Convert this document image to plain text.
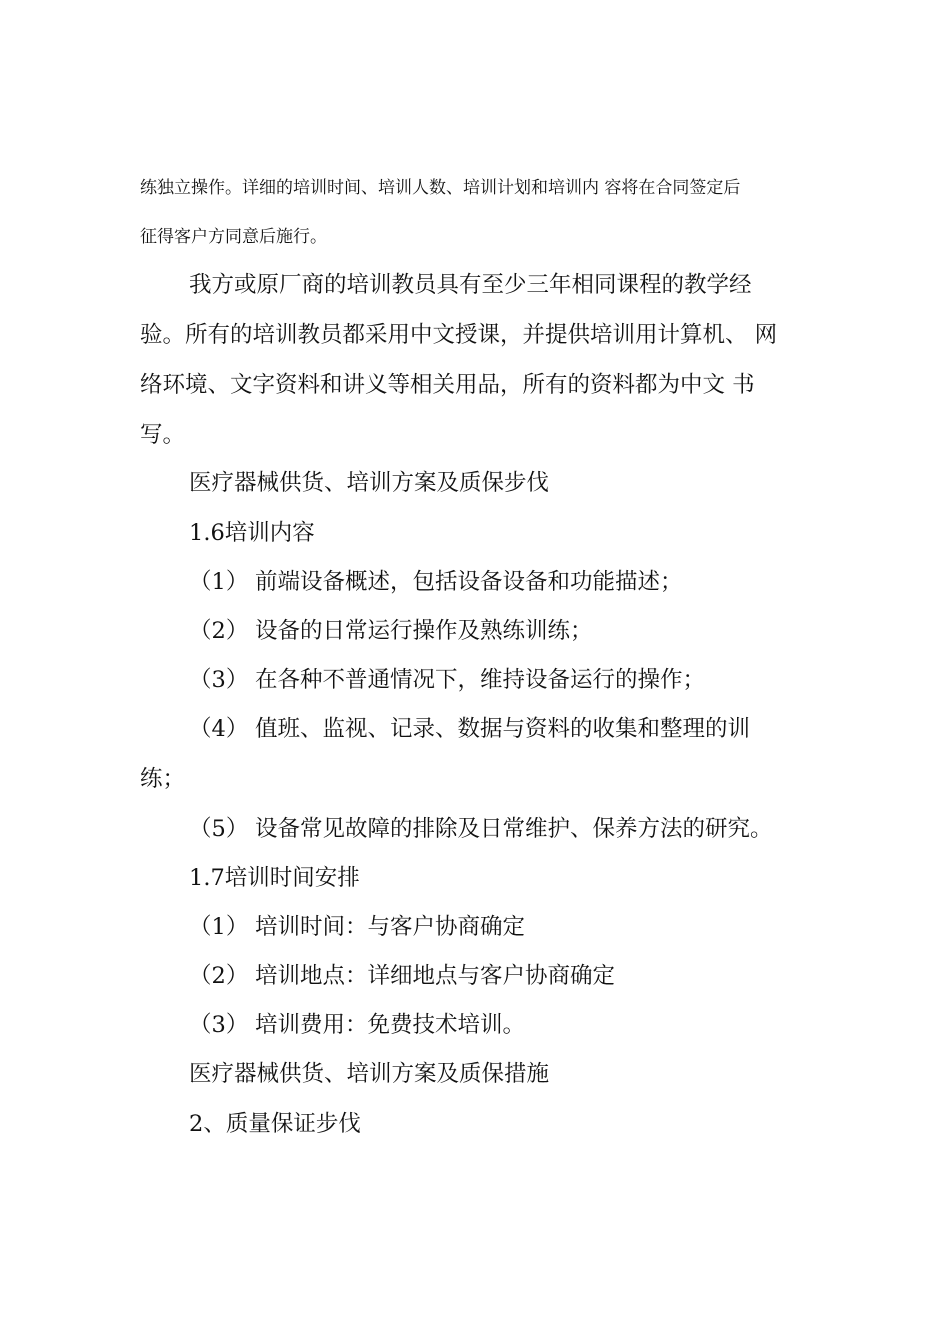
练独立操作。详细的培训时间、培训人数、培训计划和培训内 容将在合同签定后

征得客户方同意后施行。

我方或原厂商的培训教员具有至少三年相同课程的教学经

验。所有的培训教员都采用中文授课，并提供培训用计算机、 网

络环境、文字资料和讲义等相关用品，所有的资料都为中文 书

写。

医疗器械供货、培训方案及质保步伐

1.6培训内容

（1） 前端设备概述，包括设备设备和功能描述；

（2） 设备的日常运行操作及熟练训练；

（3） 在各种不普通情况下，维持设备运行的操作；

（4） 值班、监视、记录、数据与资料的收集和整理的训

练；

（5） 设备常见故障的排除及日常维护、保养方法的研究。

1.7培训时间安排

（1） 培训时间：与客户协商确定

（2） 培训地点：详细地点与客户协商确定

（3） 培训费用：免费技术培训。

医疗器械供货、培训方案及质保措施

2、质量保证步伐
